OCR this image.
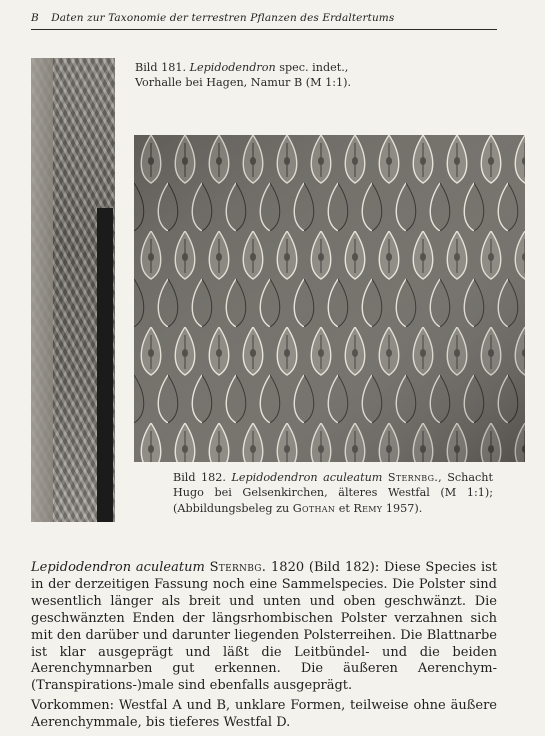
B Daten zur Taxonomie der terrestren Pflanzen des Erdaltertums
Bild 181. Lepidodendron spec. indet.,
Vorhalle bei Hagen, Namur B (M 1:1).
Bild 182. Lepidodendron aculeatum Sternbg., Schacht Hugo bei Gelsenkirchen, älteres Westfal (M 1:1); (Abbildungsbeleg zu Gothan et Remy 1957).

Lepidodendron aculeatum Sternbg. 1820 (Bild 182): Diese Species ist in der derzeitigen Fassung noch eine Sammelspecies. Die Polster sind wesentlich länger als breit und unten und oben geschwänzt. Die geschwänzten Enden der längsrhombischen Polster verzahnen sich mit den darüber und darunter liegenden Polsterreihen. Die Blattnarbe ist klar ausgeprägt und läßt die Leitbündel- und die beiden Aerenchymnarben gut erkennen. Die äußeren Aerenchym-(Transpirations-)male sind ebenfalls ausgeprägt.

Vorkommen: Westfal A und B, unklare Formen, teilweise ohne äußere Aerenchymmale, bis tieferes Westfal D.
